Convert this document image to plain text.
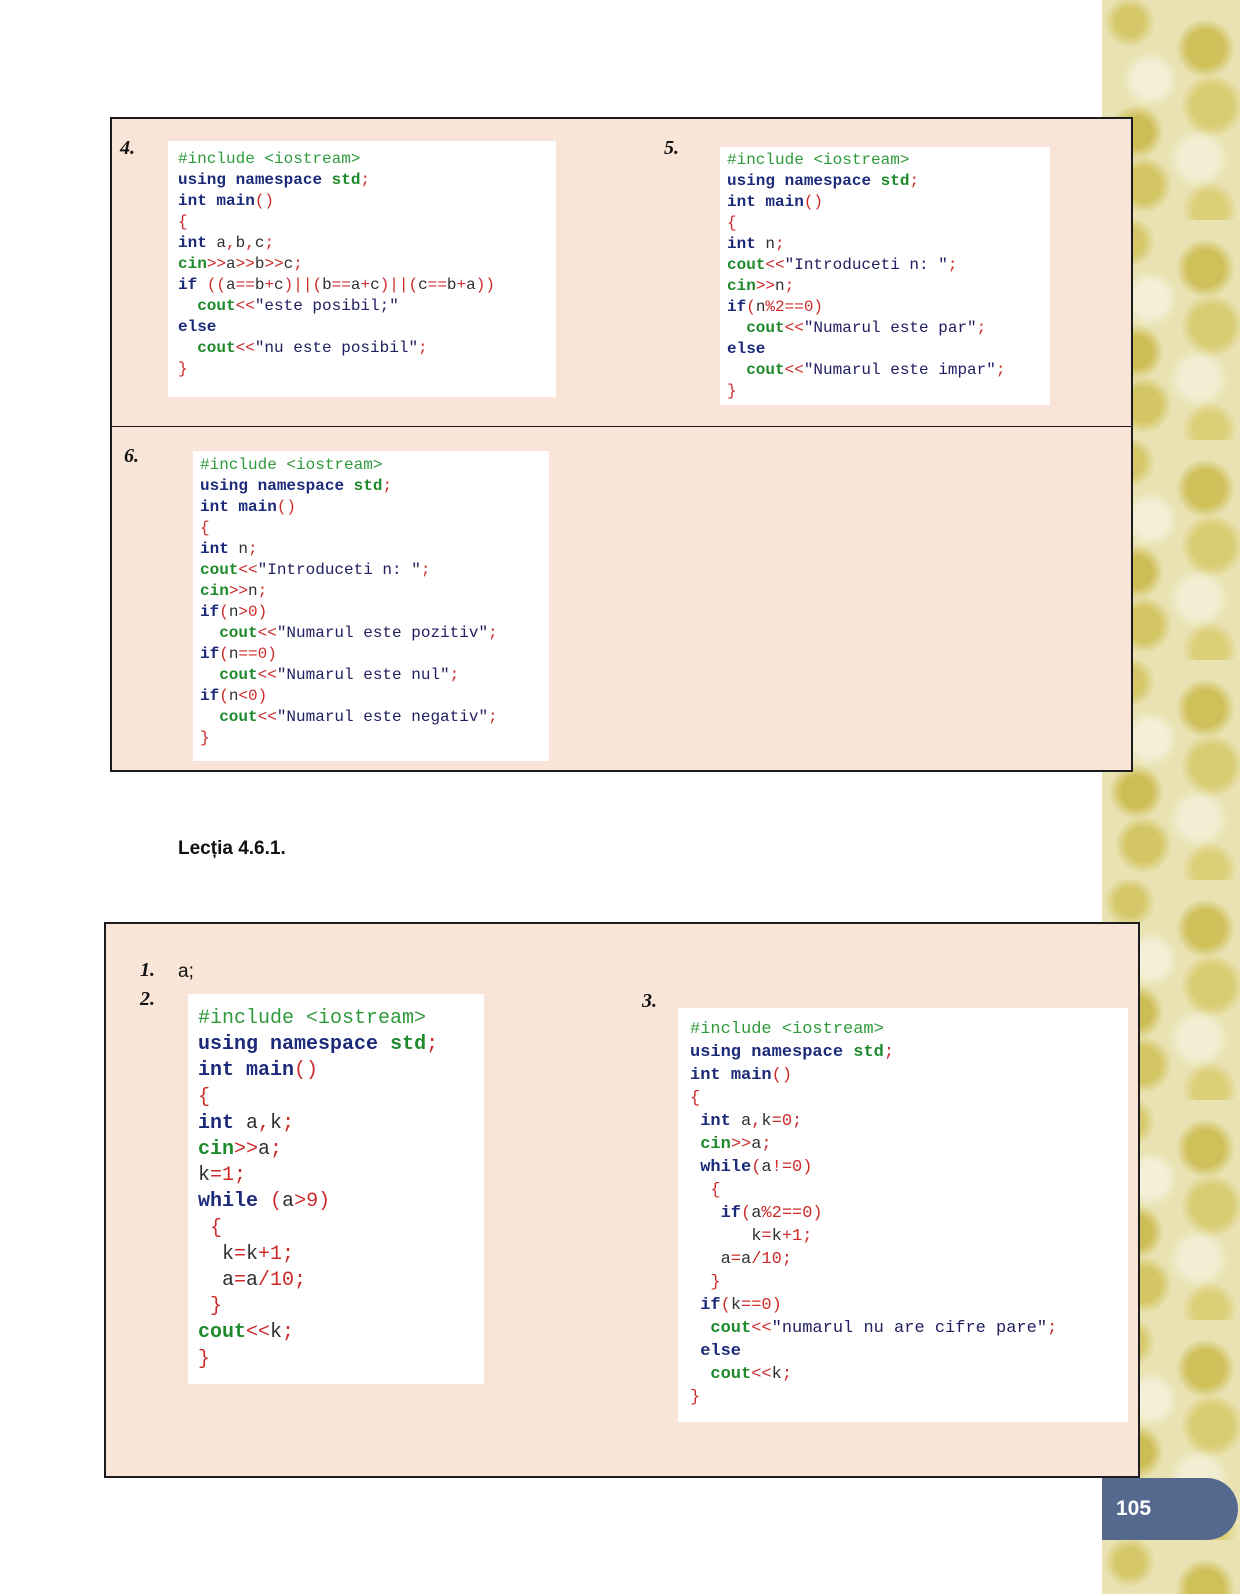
105
4.	#include <iostream>
using namespace std;
int main()
{
int a,b,c;
cin>>a>>b>>c;
if ((a==b+c)||(b==a+c)||(c==b+a))
cout<<"este posibil;"
else
cout<<"nu este posibil";
}
5.
#include <iostream>
using namespace std;
int main()
{
int n;
cout<<"Introduceti n: ";
cin>>n;
if(n%2==0)
cout<<"Numarul este par";
else
cout<<"Numarul este impar";
}
6.	#include <iostream>
using namespace std;
int main()
{
int n;
cout<<"Introduceti n: ";
cin>>n;
if(n>0)
cout<<"Numarul este pozitiv";
if(n==0)
cout<<"Numarul este nul";
if(n<0)
cout<<"Numarul este negativ";
}
Lecția 4.6.1.
1. a;
2.
#include <iostream>
using namespace std;
int main()
{
int a,k;
cin>>a;
k=1;
while (a>9)
{
k=k+1;
a=a/10;
}
cout<<k;
}
3.
#include <iostream>
using namespace std;
int main()
{
int a,k=0;
cin>>a;
while(a!=0)
{
if(a%2==0)
k=k+1;
a=a/10;
}
if(k==0)
cout<<"numarul nu are cifre pare";
else
cout<<k;
}
